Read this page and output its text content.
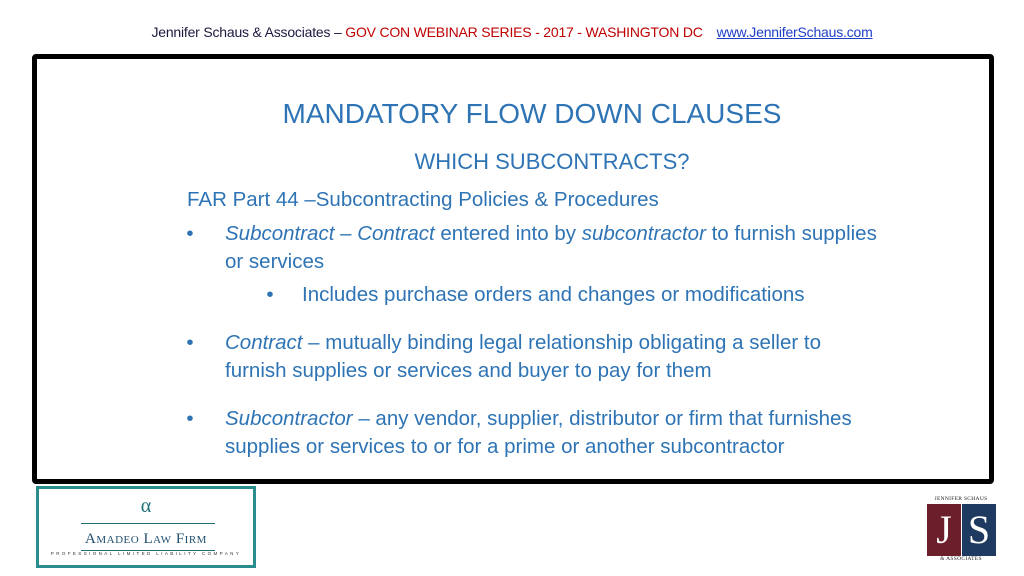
Jennifer Schaus & Associates – GOV CON WEBINAR SERIES - 2017 - WASHINGTON DC www.JenniferSchaus.com
MANDATORY FLOW DOWN CLAUSES
WHICH SUBCONTRACTS?
FAR Part 44 –Subcontracting Policies & Procedures
• Subcontract – Contract entered into by subcontractor to furnish supplies
or services
• Includes purchase orders and changes or modifications
• Contract – mutually binding legal relationship obligating a seller to
furnish supplies or services and buyer to pay for them
• Subcontractor – any vendor, supplier, distributor or firm that furnishes
supplies or services to or for a prime or another subcontractor
α
Amadeo Law Firm
PROFESSIONAL LIMITED LIABILITY COMPANY
JENNIFER SCHAUS
J S
& ASSOCIATES
